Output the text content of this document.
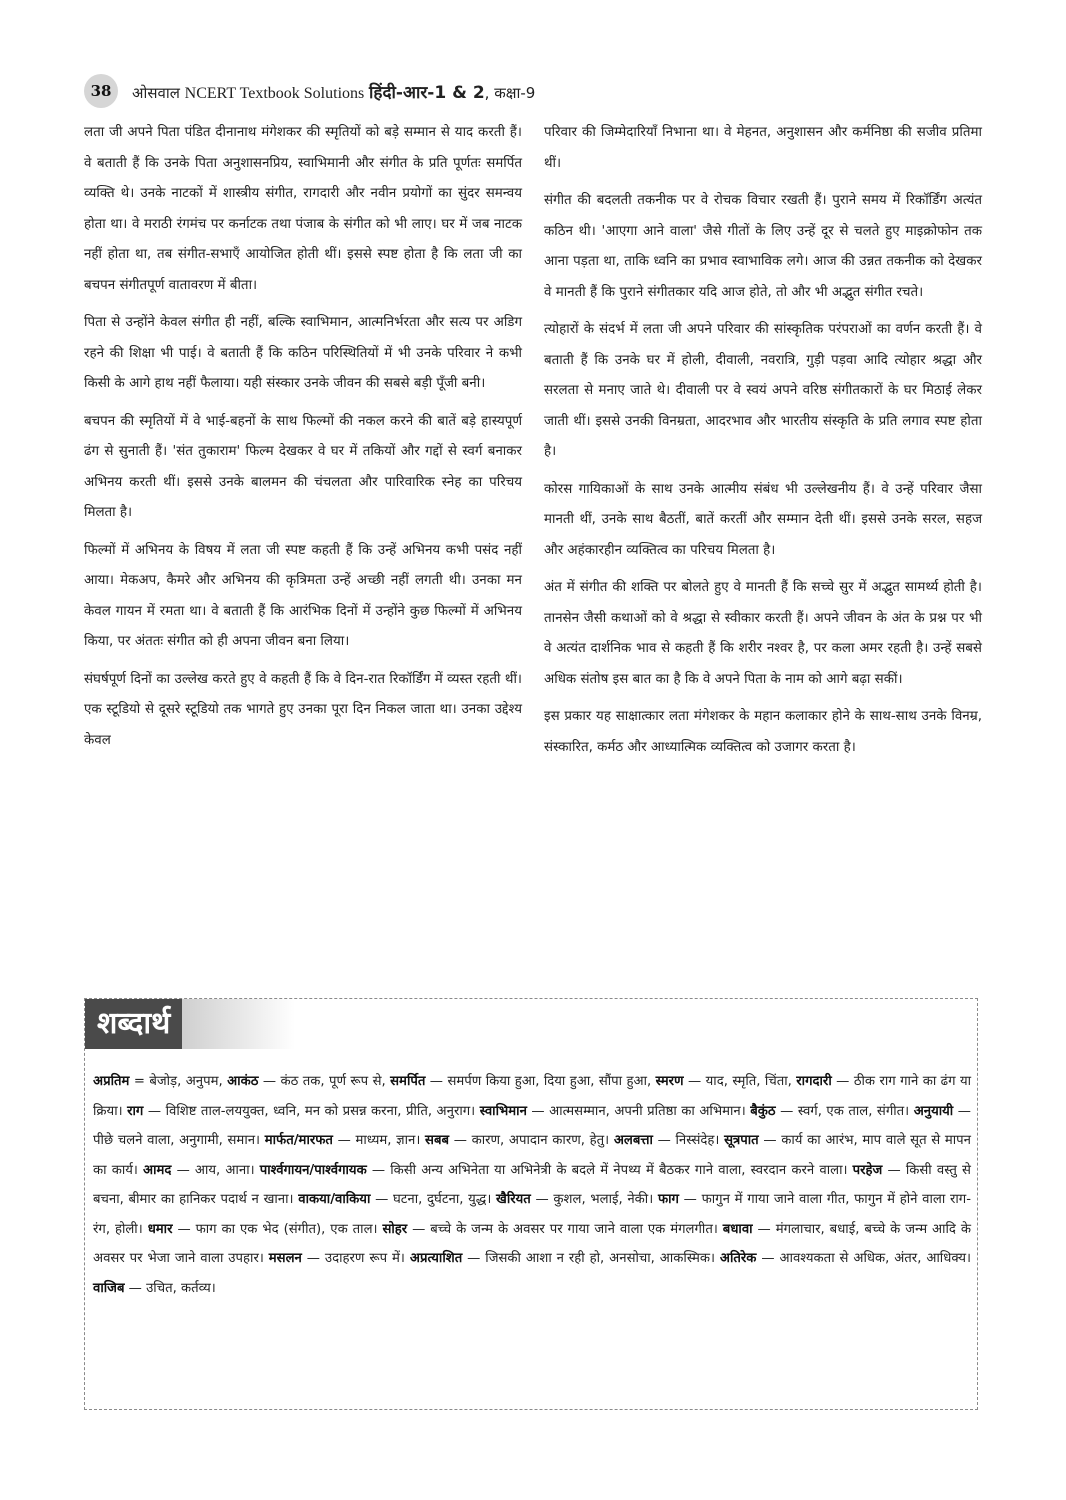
38	ओसवाल NCERT Textbook Solutions हिंदी-आर-1 & 2, कक्षा-9

लता जी अपने पिता पंडित दीनानाथ मंगेशकर की स्मृतियों को बड़े सम्मान से याद करती हैं। वे बताती हैं कि उनके पिता अनुशासनप्रिय, स्वाभिमानी और संगीत के प्रति पूर्णतः समर्पित व्यक्ति थे। उनके नाटकों में शास्त्रीय संगीत, रागदारी और नवीन प्रयोगों का सुंदर समन्वय होता था। वे मराठी रंगमंच पर कर्नाटक तथा पंजाब के संगीत को भी लाए। घर में जब नाटक नहीं होता था, तब संगीत-सभाएँ आयोजित होती थीं। इससे स्पष्ट होता है कि लता जी का बचपन संगीतपूर्ण वातावरण में बीता।

पिता से उन्होंने केवल संगीत ही नहीं, बल्कि स्वाभिमान, आत्मनिर्भरता और सत्य पर अडिग रहने की शिक्षा भी पाई। वे बताती हैं कि कठिन परिस्थितियों में भी उनके परिवार ने कभी किसी के आगे हाथ नहीं फैलाया। यही संस्कार उनके जीवन की सबसे बड़ी पूँजी बनी।

बचपन की स्मृतियों में वे भाई-बहनों के साथ फिल्मों की नकल करने की बातें बड़े हास्यपूर्ण ढंग से सुनाती हैं। 'संत तुकाराम' फिल्म देखकर वे घर में तकियों और गद्दों से स्वर्ग बनाकर अभिनय करती थीं। इससे उनके बालमन की चंचलता और पारिवारिक स्नेह का परिचय मिलता है।

फिल्मों में अभिनय के विषय में लता जी स्पष्ट कहती हैं कि उन्हें अभिनय कभी पसंद नहीं आया। मेकअप, कैमरे और अभिनय की कृत्रिमता उन्हें अच्छी नहीं लगती थी। उनका मन केवल गायन में रमता था। वे बताती हैं कि आरंभिक दिनों में उन्होंने कुछ फिल्मों में अभिनय किया, पर अंततः संगीत को ही अपना जीवन बना लिया।

संघर्षपूर्ण दिनों का उल्लेख करते हुए वे कहती हैं कि वे दिन-रात रिकॉर्डिंग में व्यस्त रहती थीं। एक स्टूडियो से दूसरे स्टूडियो तक भागते हुए उनका पूरा दिन निकल जाता था। उनका उद्देश्य केवल

परिवार की जिम्मेदारियाँ निभाना था। वे मेहनत, अनुशासन और कर्मनिष्ठा की सजीव प्रतिमा थीं।

संगीत की बदलती तकनीक पर वे रोचक विचार रखती हैं। पुराने समय में रिकॉर्डिंग अत्यंत कठिन थी। 'आएगा आने वाला' जैसे गीतों के लिए उन्हें दूर से चलते हुए माइक्रोफोन तक आना पड़ता था, ताकि ध्वनि का प्रभाव स्वाभाविक लगे। आज की उन्नत तकनीक को देखकर वे मानती हैं कि पुराने संगीतकार यदि आज होते, तो और भी अद्भुत संगीत रचते।

त्योहारों के संदर्भ में लता जी अपने परिवार की सांस्कृतिक परंपराओं का वर्णन करती हैं। वे बताती हैं कि उनके घर में होली, दीवाली, नवरात्रि, गुड़ी पड़वा आदि त्योहार श्रद्धा और सरलता से मनाए जाते थे। दीवाली पर वे स्वयं अपने वरिष्ठ संगीतकारों के घर मिठाई लेकर जाती थीं। इससे उनकी विनम्रता, आदरभाव और भारतीय संस्कृति के प्रति लगाव स्पष्ट होता है।

कोरस गायिकाओं के साथ उनके आत्मीय संबंध भी उल्लेखनीय हैं। वे उन्हें परिवार जैसा मानती थीं, उनके साथ बैठतीं, बातें करतीं और सम्मान देती थीं। इससे उनके सरल, सहज और अहंकारहीन व्यक्तित्व का परिचय मिलता है।

अंत में संगीत की शक्ति पर बोलते हुए वे मानती हैं कि सच्चे सुर में अद्भुत सामर्थ्य होती है। तानसेन जैसी कथाओं को वे श्रद्धा से स्वीकार करती हैं। अपने जीवन के अंत के प्रश्न पर भी वे अत्यंत दार्शनिक भाव से कहती हैं कि शरीर नश्वर है, पर कला अमर रहती है। उन्हें सबसे अधिक संतोष इस बात का है कि वे अपने पिता के नाम को आगे बढ़ा सकीं।

इस प्रकार यह साक्षात्कार लता मंगेशकर के महान कलाकार होने के साथ-साथ उनके विनम्र, संस्कारित, कर्मठ और आध्यात्मिक व्यक्तित्व को उजागर करता है।

शब्दार्थ
अप्रतिम = बेजोड़, अनुपम, आकंठ — कंठ तक, पूर्ण रूप से, समर्पित — समर्पण किया हुआ, दिया हुआ, सौंपा हुआ, स्मरण — याद, स्मृति, चिंता, रागदारी — ठीक राग गाने का ढंग या क्रिया। राग — विशिष्ट ताल-लययुक्त, ध्वनि, मन को प्रसन्न करना, प्रीति, अनुराग। स्वाभिमान — आत्मसम्मान, अपनी प्रतिष्ठा का अभिमान। बैकुंठ — स्वर्ग, एक ताल, संगीत। अनुयायी — पीछे चलने वाला, अनुगामी, समान। मार्फत/मारफत — माध्यम, ज्ञान। सबब — कारण, अपादान कारण, हेतु। अलबत्ता — निस्संदेह। सूत्रपात — कार्य का आरंभ, माप वाले सूत से मापन का कार्य। आमद — आय, आना। पार्श्वगायन/पार्श्वगायक — किसी अन्य अभिनेता या अभिनेत्री के बदले में नेपथ्य में बैठकर गाने वाला, स्वरदान करने वाला। परहेज — किसी वस्तु से बचना, बीमार का हानिकर पदार्थ न खाना। वाकया/वाकिया — घटना, दुर्घटना, युद्ध। खैरियत — कुशल, भलाई, नेकी। फाग — फागुन में गाया जाने वाला गीत, फागुन में होने वाला राग-रंग, होली। धमार — फाग का एक भेद (संगीत), एक ताल। सोहर — बच्चे के जन्म के अवसर पर गाया जाने वाला एक मंगलगीत। बधावा — मंगलाचार, बधाई, बच्चे के जन्म आदि के अवसर पर भेजा जाने वाला उपहार। मसलन — उदाहरण रूप में। अप्रत्याशित — जिसकी आशा न रही हो, अनसोचा, आकस्मिक। अतिरेक — आवश्यकता से अधिक, अंतर, आधिक्य। वाजिब — उचित, कर्तव्य।
